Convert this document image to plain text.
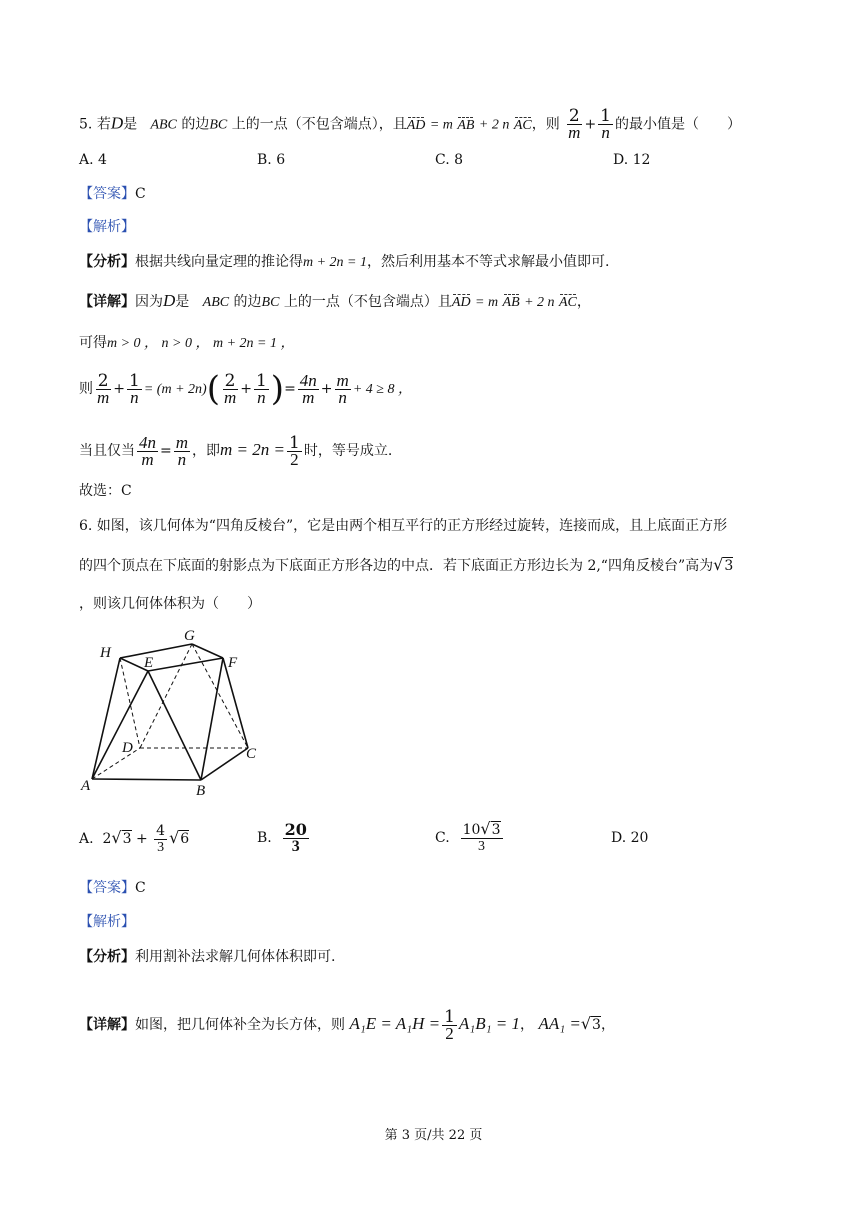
5. 若D是 ABC 的边BC 上的一点（不包含端点），且AD = m AB + 2 n AC，则 $\frac{2}{m} + \frac{1}{n}$ 的最小值是（　　）
A. 4	B. 6	C. 8	D. 12
【答案】C
【解析】
【分析】根据共线向量定理的推论得m + 2n = 1，然后利用基本不等式求解最小值即可.
【详解】因为D是 ABC 的边BC 上的一点（不包含端点）且AD = m AB + 2 n AC，
可得m > 0 ， n > 0 ， m + 2n = 1 ，
则 $\frac{2}{m} + \frac{1}{n} = (m + 2n)( \frac{2}{m} + \frac{1}{n}$ )= $\frac{4n}{m} + \frac{m}{n} + 4 \ge 8$ ，
当且仅当 $\frac{4n}{m} = \frac{m}{n}$ ，即$m = 2n = \frac{1}{2}$ 时，等号成立.
故选：C
6. 如图，该几何体为“四角反棱台”，它是由两个相互平行的正方形经过旋转，连接而成，且上底面正方形
的四个顶点在下底面的射影点为下底面正方形各边的中点．若下底面正方形边长为 2,“四角反棱台”高为√3
，则该几何体体积为（　　）
H
G
E	F
D	C
A	B
A. $2√3 + \frac{4}{3} √6$	B. $\frac{20}{3}$	C. $\frac{10√3}{3}$	D. 20
【答案】C
【解析】
【分析】利用割补法求解几何体体积即可.
【详解】如图，把几何体补全为长方体，则 $A_1E = A_1H = \frac{1}{2} A_1B_1 = 1$， AA₁ =√3，
第 3 页/共 22 页
